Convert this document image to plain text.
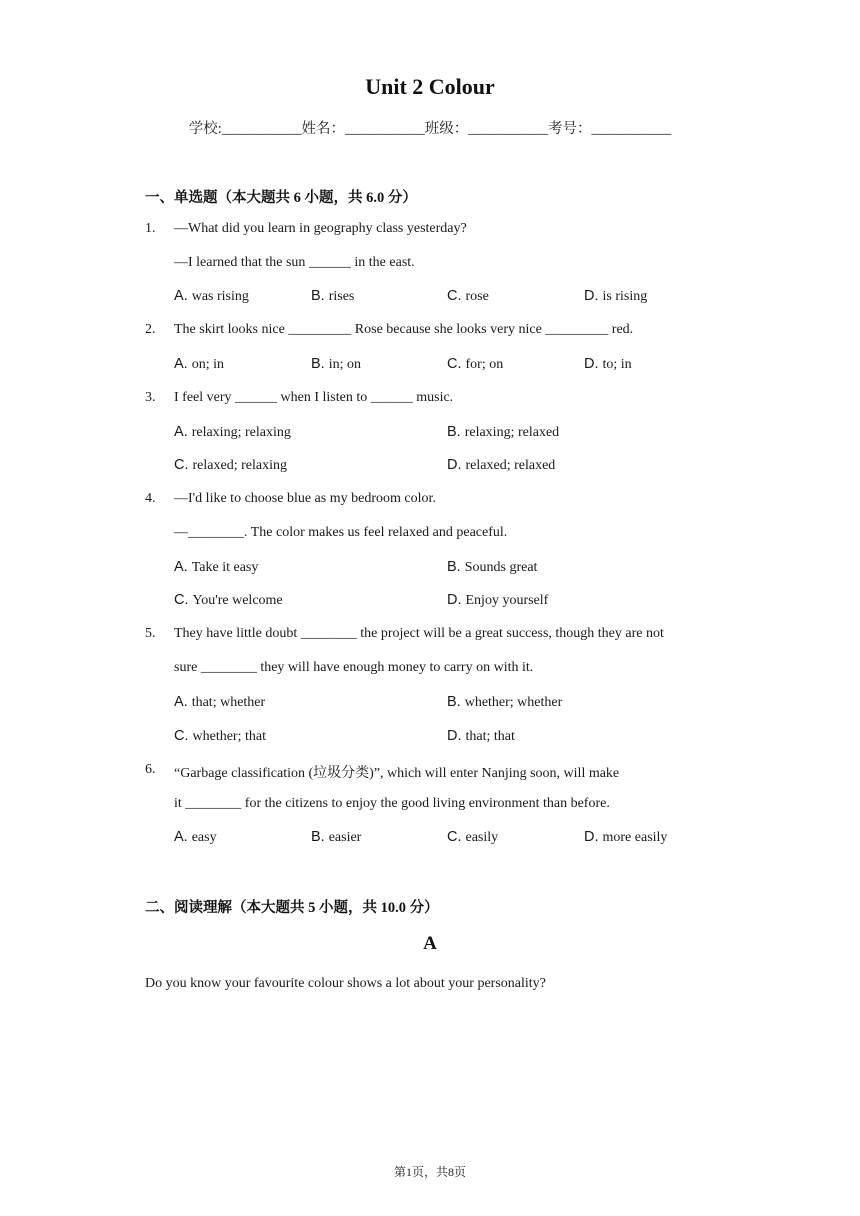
Unit 2 Colour
学校:___________姓名：___________班级：___________考号：___________
一、单选题（本大题共 6 小题，共 6.0 分）
1. —What did you learn in geography class yesterday?
—I learned that the sun ______ in the east.
A. was rising	B. rises	C. rose	D. is rising
2. The skirt looks nice _________ Rose because she looks very nice _________ red.
A. on; in	B. in; on	C. for; on	D. to; in
3. I feel very ______ when I listen to ______ music.
A. relaxing; relaxing	B. relaxing; relaxed
C. relaxed; relaxing	D. relaxed; relaxed
4. —I'd like to choose blue as my bedroom color.
—________. The color makes us feel relaxed and peaceful.
A. Take it easy	B. Sounds great
C. You're welcome	D. Enjoy yourself
5. They have little doubt ________ the project will be a great success, though they are not
sure ________ they will have enough money to carry on with it.
A. that; whether	B. whether; whether
C. whether; that	D. that; that
6. “Garbage classification (垃圾分类)”, which will enter Nanjing soon, will make
it ________ for the citizens to enjoy the good living environment than before.
A. easy	B. easier	C. easily	D. more easily
二、阅读理解（本大题共 5 小题，共 10.0 分）
A
Do you know your favourite colour shows a lot about your personality?
第1页，共8页
